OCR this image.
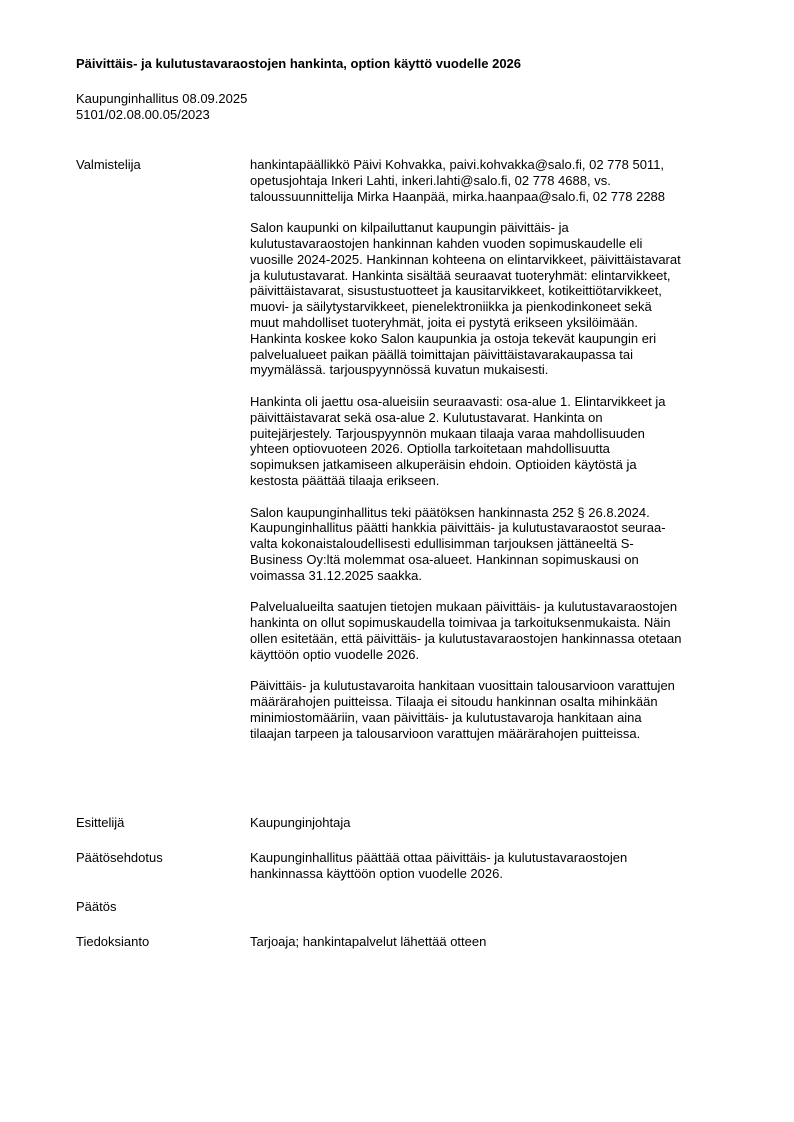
Päivittäis- ja kulutustavaraostojen hankinta, option käyttö vuodelle 2026
Kaupunginhallitus 08.09.2025
5101/02.08.00.05/2023
Valmistelija	hankintapäällikkö Päivi Kohvakka, paivi.kohvakka@salo.fi, 02 778 5011,
opetusjohtaja Inkeri Lahti, inkeri.lahti@salo.fi, 02 778 4688, vs.
taloussuunnittelija Mirka Haanpää, mirka.haanpaa@salo.fi, 02 778 2288
Salon kaupunki on kilpailuttanut kaupungin päivittäis- ja
kulutustavaraostojen hankinnan kahden vuoden sopimuskaudelle eli
vuosille 2024-2025. Hankinnan kohteena on elintarvikkeet, päivittäistavarat
ja kulutustavarat. Hankinta sisältää seuraavat tuoteryhmät: elintarvikkeet,
päivittäistavarat, sisustustuotteet ja kausitarvikkeet, kotikeittiötarvikkeet,
muovi- ja säilytystarvikkeet, pienelektroniikka ja pienkodinkoneet sekä
muut mahdolliset tuoteryhmät, joita ei pystytä erikseen yksilöimään.
Hankinta koskee koko Salon kaupunkia ja ostoja tekevät kaupungin eri
palvelualueet paikan päällä toimittajan päivittäistavarakaupassa tai
myymälässä. tarjouspyynnössä kuvatun mukaisesti.
Hankinta oli jaettu osa-alueisiin seuraavasti: osa-alue 1. Elintarvikkeet ja
päivittäistavarat sekä osa-alue 2. Kulutustavarat. Hankinta on
puitejärjestely. Tarjouspyynnön mukaan tilaaja varaa mahdollisuuden
yhteen optiovuoteen 2026. Optiolla tarkoitetaan mahdollisuutta
sopimuksen jatkamiseen alkuperäisin ehdoin. Optioiden käytöstä ja
kestosta päättää tilaaja erikseen.
Salon kaupunginhallitus teki päätöksen hankinnasta 252 § 26.8.2024.
Kaupunginhallitus päätti hankkia päivittäis- ja kulutustavaraostot seuraa-
valta kokonaistaloudellisesti edullisimman tarjouksen jättäneeltä S-
Business Oy:ltä molemmat osa-alueet. Hankinnan sopimuskausi on
voimassa 31.12.2025 saakka.
Palvelualueilta saatujen tietojen mukaan päivittäis- ja kulutustavaraostojen
hankinta on ollut sopimuskaudella toimivaa ja tarkoituksenmukaista. Näin
ollen esitetään, että päivittäis- ja kulutustavaraostojen hankinnassa otetaan
käyttöön optio vuodelle 2026.
Päivittäis- ja kulutustavaroita hankitaan vuosittain talousarvioon varattujen
määrärahojen puitteissa. Tilaaja ei sitoudu hankinnan osalta mihinkään
minimiostomääriin, vaan päivittäis- ja kulutustavaroja hankitaan aina
tilaajan tarpeen ja talousarvioon varattujen määrärahojen puitteissa.
Esittelijä	Kaupunginjohtaja
Päätösehdotus	Kaupunginhallitus päättää ottaa päivittäis- ja kulutustavaraostojen
hankinnassa käyttöön option vuodelle 2026.
Päätös
Tiedoksianto	Tarjoaja; hankintapalvelut lähettää otteen
